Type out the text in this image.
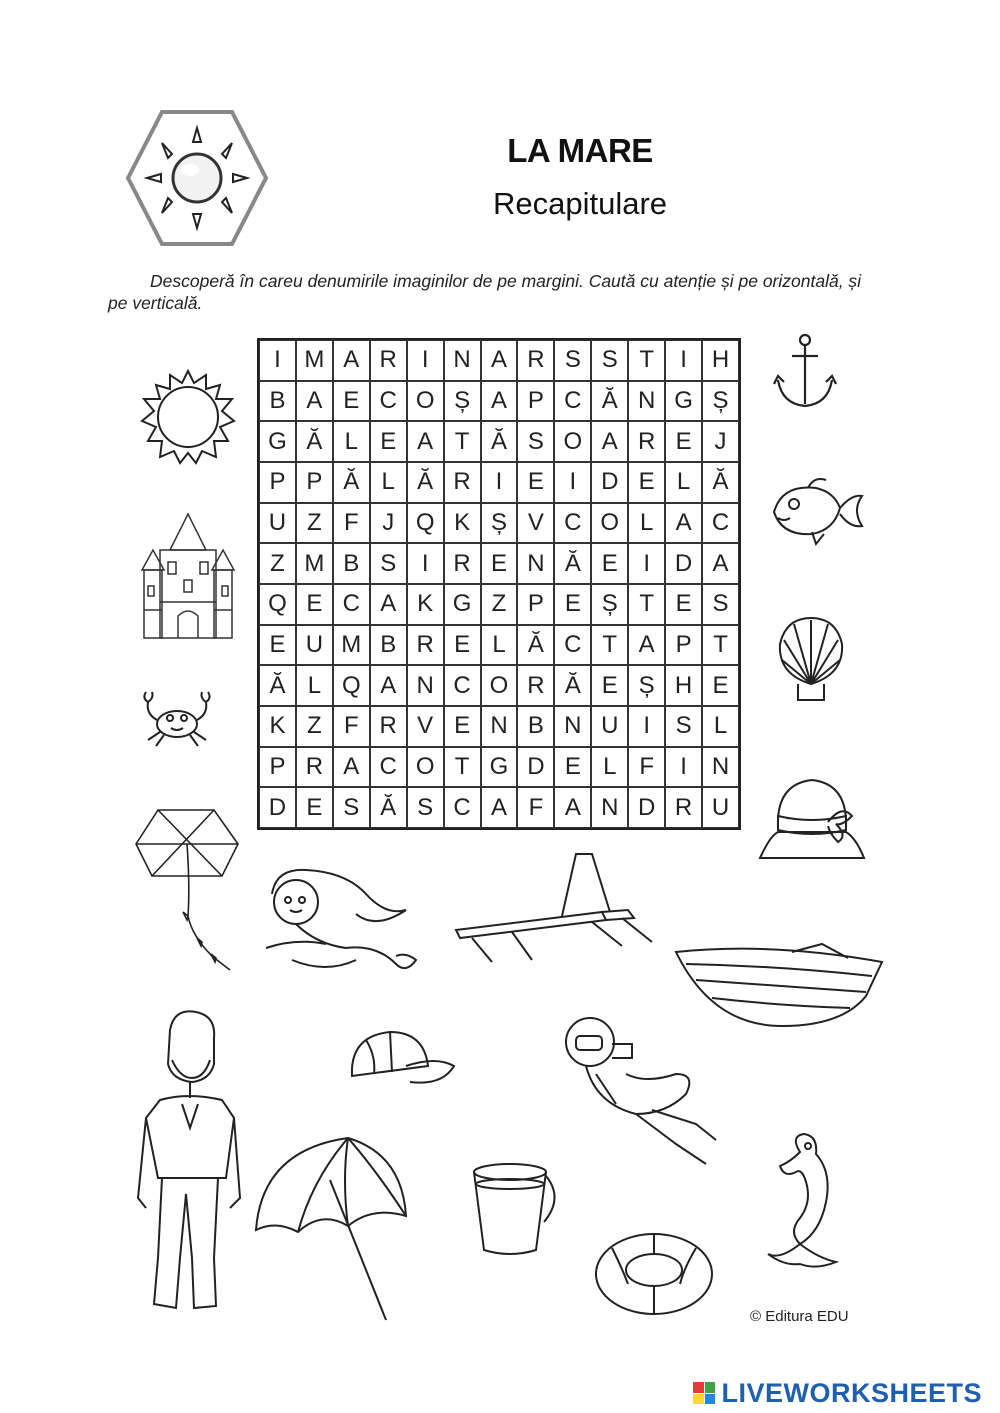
LA MARE
Recapitulare
Descoperă în careu denumirile imaginilor de pe margini. Caută cu atenție și pe orizontală, și pe verticală.
I M A R	I	N A R S S T	I	H
B A E C O Ș A P C Ă N G Ș
G Ă L E A T Ă S O A R E J
P P Ă L Ă R	I	E	I	D E L Ă
U Z F J Q K Ș V C O L A C
Z M B S	I	R E N Ă E	I	D A
Q E C A K G Z P E Ș T E S
E U M B R E L Ă C T A P T
Ă L Q A N C O R Ă E Ș H E
K Z F R V E N B N U	I	S L
P R A C O T G D E L F	I	N
D E S Ă S C A F A N D R U
© Editura EDU
LIVEWORKSHEETS
